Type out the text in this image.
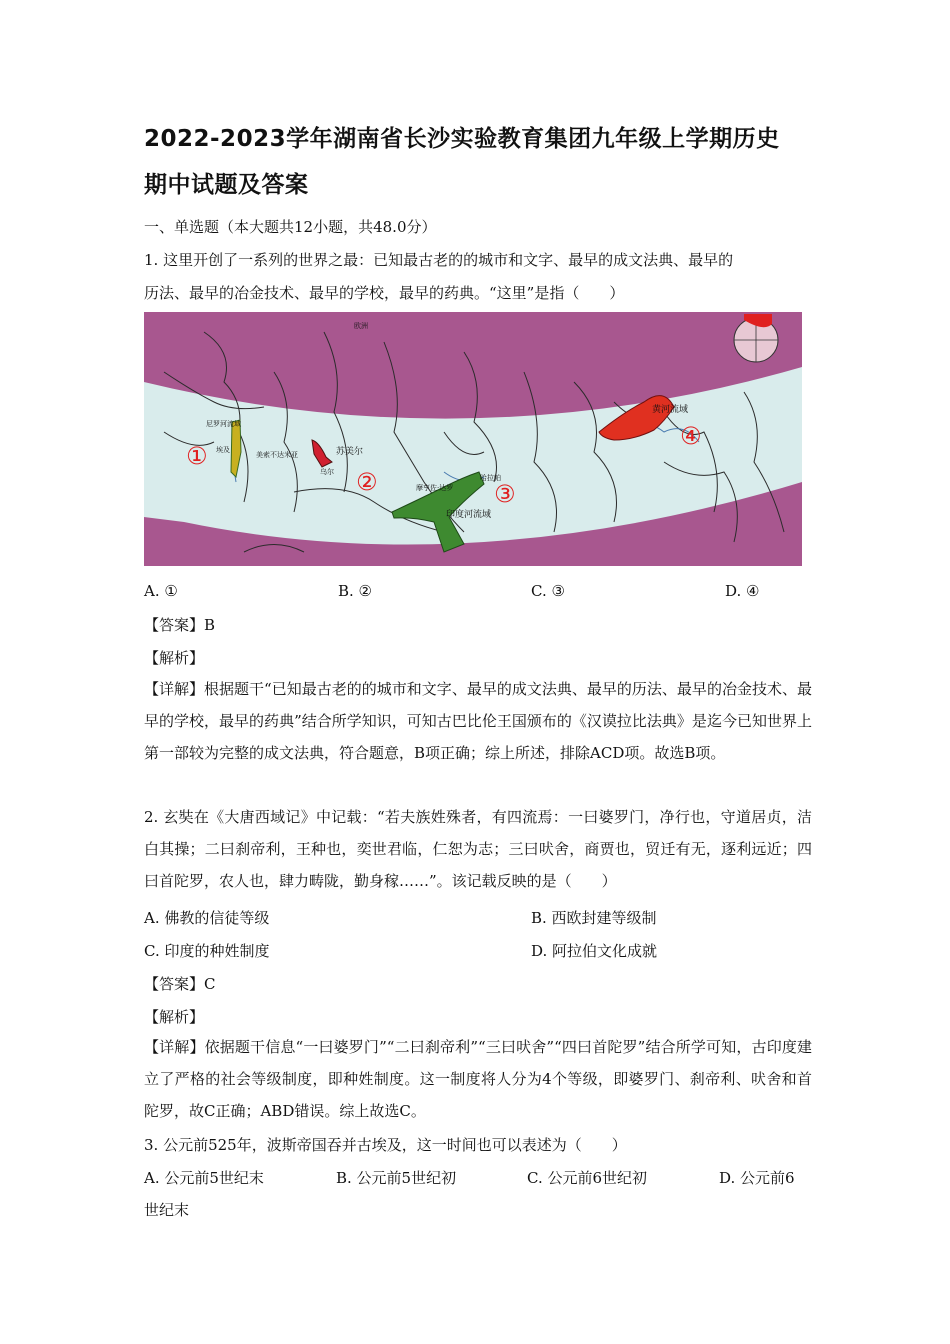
2022-2023学年湖南省长沙实验教育集团九年级上学期历史
期中试题及答案
一、单选题（本大题共12小题，共48.0分）
1. 这里开创了一系列的世界之最：已知最古老的的城市和文字、最早的成文法典、最早的
历法、最早的冶金技术、最早的学校，最早的药典。“这里”是指（　　）
①
②	③
④
欧洲
尼罗河流域
埃及
美索不达米亚	苏美尔
乌尔
摩亨佐·达罗
哈拉帕
印度河流域
黄河流域
A. ①	B. ②	C. ③	D. ④
【答案】B
【解析】
【详解】根据题干“已知最古老的的城市和文字、最早的成文法典、最早的历法、最早的冶金技术、最早的学校，最早的药典”结合所学知识，可知古巴比伦王国颁布的《汉谟拉比法典》是迄今已知世界上第一部较为完整的成文法典，符合题意，B项正确；综上所述，排除ACD项。故选B项。
2. 玄奘在《大唐西域记》中记载：“若夫族姓殊者，有四流焉：一曰婆罗门，净行也，守道居贞，洁白其操；二曰刹帝利，王种也，奕世君临，仁恕为志；三曰吠舍，商贾也，贸迁有无，逐利远近；四曰首陀罗，农人也，肆力畴陇，勤身稼……”。该记载反映的是（　　）
A. 佛教的信徒等级	B. 西欧封建等级制
C. 印度的种姓制度	D. 阿拉伯文化成就
【答案】C
【解析】
【详解】依据题干信息“一曰婆罗门”“二曰刹帝利”“三曰吠舍”“四曰首陀罗”结合所学可知，古印度建立了严格的社会等级制度，即种姓制度。这一制度将人分为4个等级，即婆罗门、刹帝利、吠舍和首陀罗，故C正确；ABD错误。综上故选C。
3. 公元前525年，波斯帝国吞并古埃及，这一时间也可以表述为（　　）
A. 公元前5世纪末	B. 公元前5世纪初	C. 公元前6世纪初	D. 公元前6
世纪末
